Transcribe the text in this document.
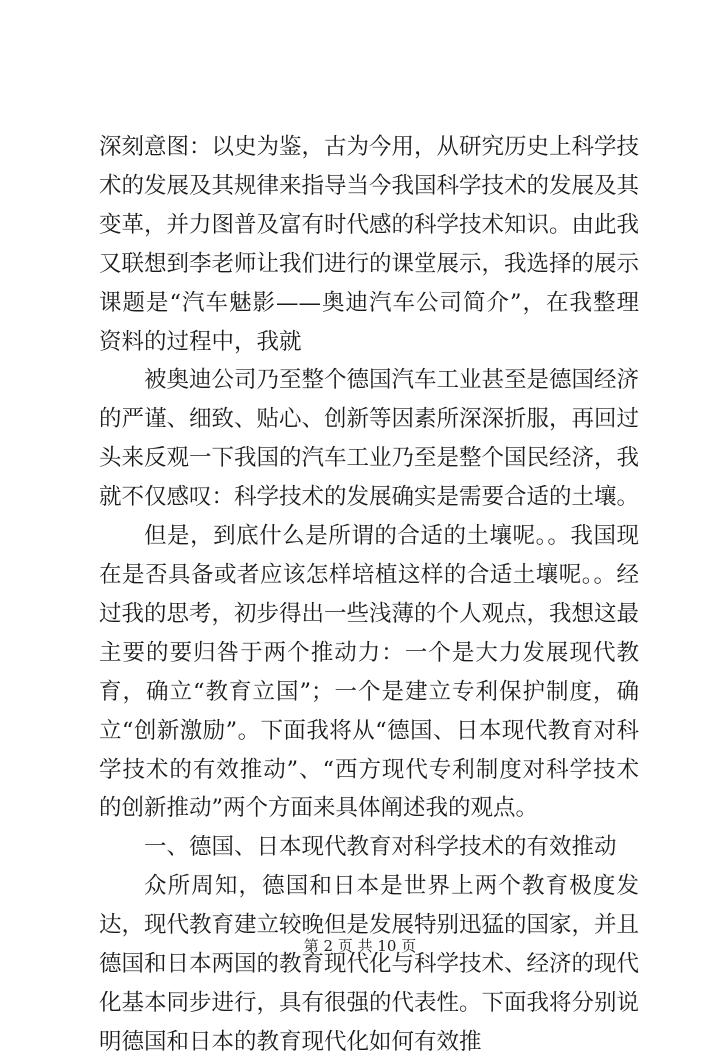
深刻意图：以史为鉴，古为今用，从研究历史上科学技术的发展及其规律来指导当今我国科学技术的发展及其变革，并力图普及富有时代感的科学技术知识。由此我又联想到李老师让我们进行的课堂展示，我选择的展示课题是“汽车魅影——奥迪汽车公司简介”，在我整理资料的过程中，我就

被奥迪公司乃至整个德国汽车工业甚至是德国经济的严谨、细致、贴心、创新等因素所深深折服，再回过头来反观一下我国的汽车工业乃至是整个国民经济，我就不仅感叹：科学技术的发展确实是需要合适的土壤。

但是，到底什么是所谓的合适的土壤呢。。我国现在是否具备或者应该怎样培植这样的合适土壤呢。。经过我的思考，初步得出一些浅薄的个人观点，我想这最主要的要归咎于两个推动力：一个是大力发展现代教育，确立“教育立国”；一个是建立专利保护制度，确立“创新激励”。下面我将从“德国、日本现代教育对科学技术的有效推动”、“西方现代专利制度对科学技术的创新推动”两个方面来具体阐述我的观点。

一、德国、日本现代教育对科学技术的有效推动

众所周知，德国和日本是世界上两个教育极度发达，现代教育建立较晚但是发展特别迅猛的国家，并且德国和日本两国的教育现代化与科学技术、经济的现代化基本同步进行，具有很强的代表性。下面我将分别说明德国和日本的教育现代化如何有效推

第 2 页 共 10 页
